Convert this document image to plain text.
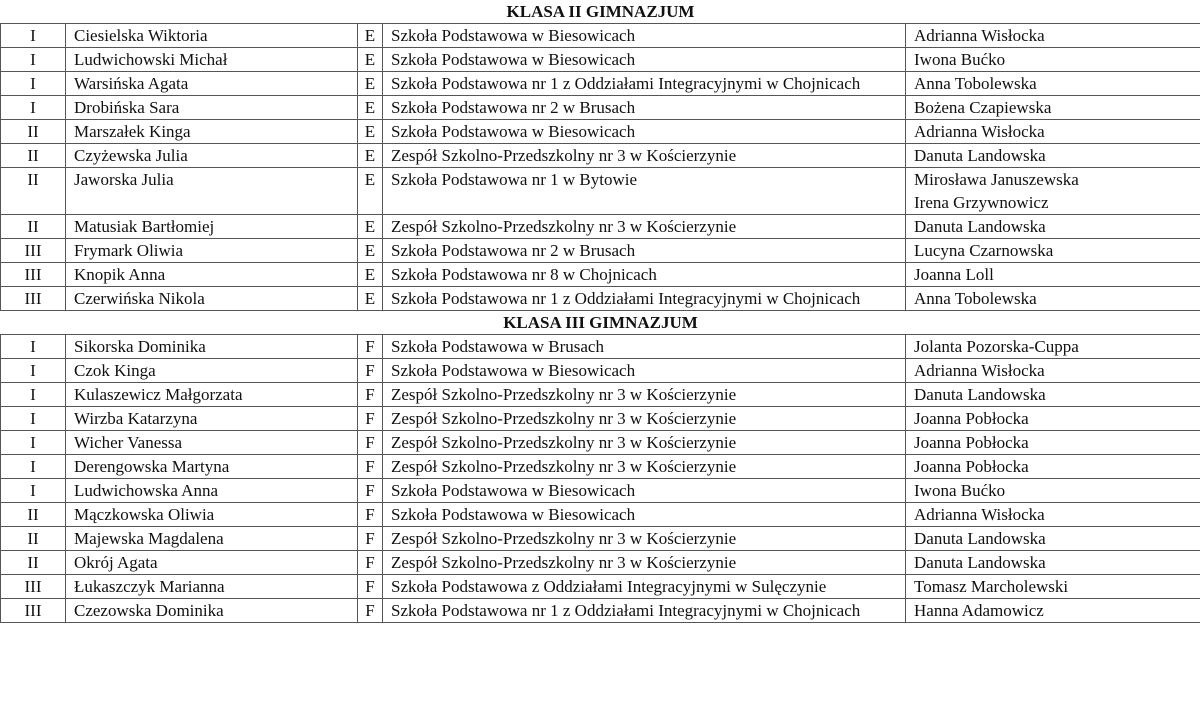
KLASA II GIMNAZJUM				
I	Ciesielska Wiktoria	E	Szkoła Podstawowa w Biesowicach	Adrianna Wisłocka

I	Ludwichowski Michał	E	Szkoła Podstawowa w Biesowicach	Iwona Bućko

I	Warsińska Agata	E	Szkoła Podstawowa nr 1 z Oddziałami Integracyjnymi w Chojnicach	Anna Tobolewska

I	Drobińska Sara	E	Szkoła Podstawowa nr 2 w Brusach	Bożena Czapiewska

II	Marszałek Kinga	E	Szkoła Podstawowa w Biesowicach	Adrianna Wisłocka

II	Czyżewska Julia	E	Zespół Szkolno-Przedszkolny nr 3 w Kościerzynie	Danuta Landowska

II	Jaworska Julia	E	Szkoła Podstawowa nr 1 w Bytowie	Mirosława Januszewska
Irena Grzywnowicz

II	Matusiak Bartłomiej	E	Zespół Szkolno-Przedszkolny nr 3 w Kościerzynie	Danuta Landowska

III	Frymark Oliwia	E	Szkoła Podstawowa nr 2 w Brusach	Lucyna Czarnowska

III	Knopik Anna	E	Szkoła Podstawowa nr 8 w Chojnicach	Joanna Loll

III	Czerwińska Nikola	E	Szkoła Podstawowa nr 1 z Oddziałami Integracyjnymi w Chojnicach	Anna Tobolewska

KLASA III GIMNAZJUM				
I	Sikorska Dominika	F	Szkoła Podstawowa w Brusach	Jolanta Pozorska-Cuppa

I	Czok Kinga	F	Szkoła Podstawowa w Biesowicach	Adrianna Wisłocka

I	Kulaszewicz Małgorzata	F	Zespół Szkolno-Przedszkolny nr 3 w Kościerzynie	Danuta Landowska

I	Wirzba Katarzyna	F	Zespół Szkolno-Przedszkolny nr 3 w Kościerzynie	Joanna Pobłocka

I	Wicher Vanessa	F	Zespół Szkolno-Przedszkolny nr 3 w Kościerzynie	Joanna Pobłocka

I	Derengowska Martyna	F	Zespół Szkolno-Przedszkolny nr 3 w Kościerzynie	Joanna Pobłocka

I	Ludwichowska Anna	F	Szkoła Podstawowa w Biesowicach	Iwona Bućko

II	Mączkowska Oliwia	F	Szkoła Podstawowa w Biesowicach	Adrianna Wisłocka

II	Majewska Magdalena	F	Zespół Szkolno-Przedszkolny nr 3 w Kościerzynie	Danuta Landowska

II	Okrój Agata	F	Zespół Szkolno-Przedszkolny nr 3 w Kościerzynie	Danuta Landowska

III	Łukaszczyk Marianna	F	Szkoła Podstawowa z Oddziałami Integracyjnymi w Sulęczynie	Tomasz Marcholewski

III	Czezowska Dominika	F	Szkoła Podstawowa nr 1 z Oddziałami Integracyjnymi w Chojnicach	Hanna Adamowicz
